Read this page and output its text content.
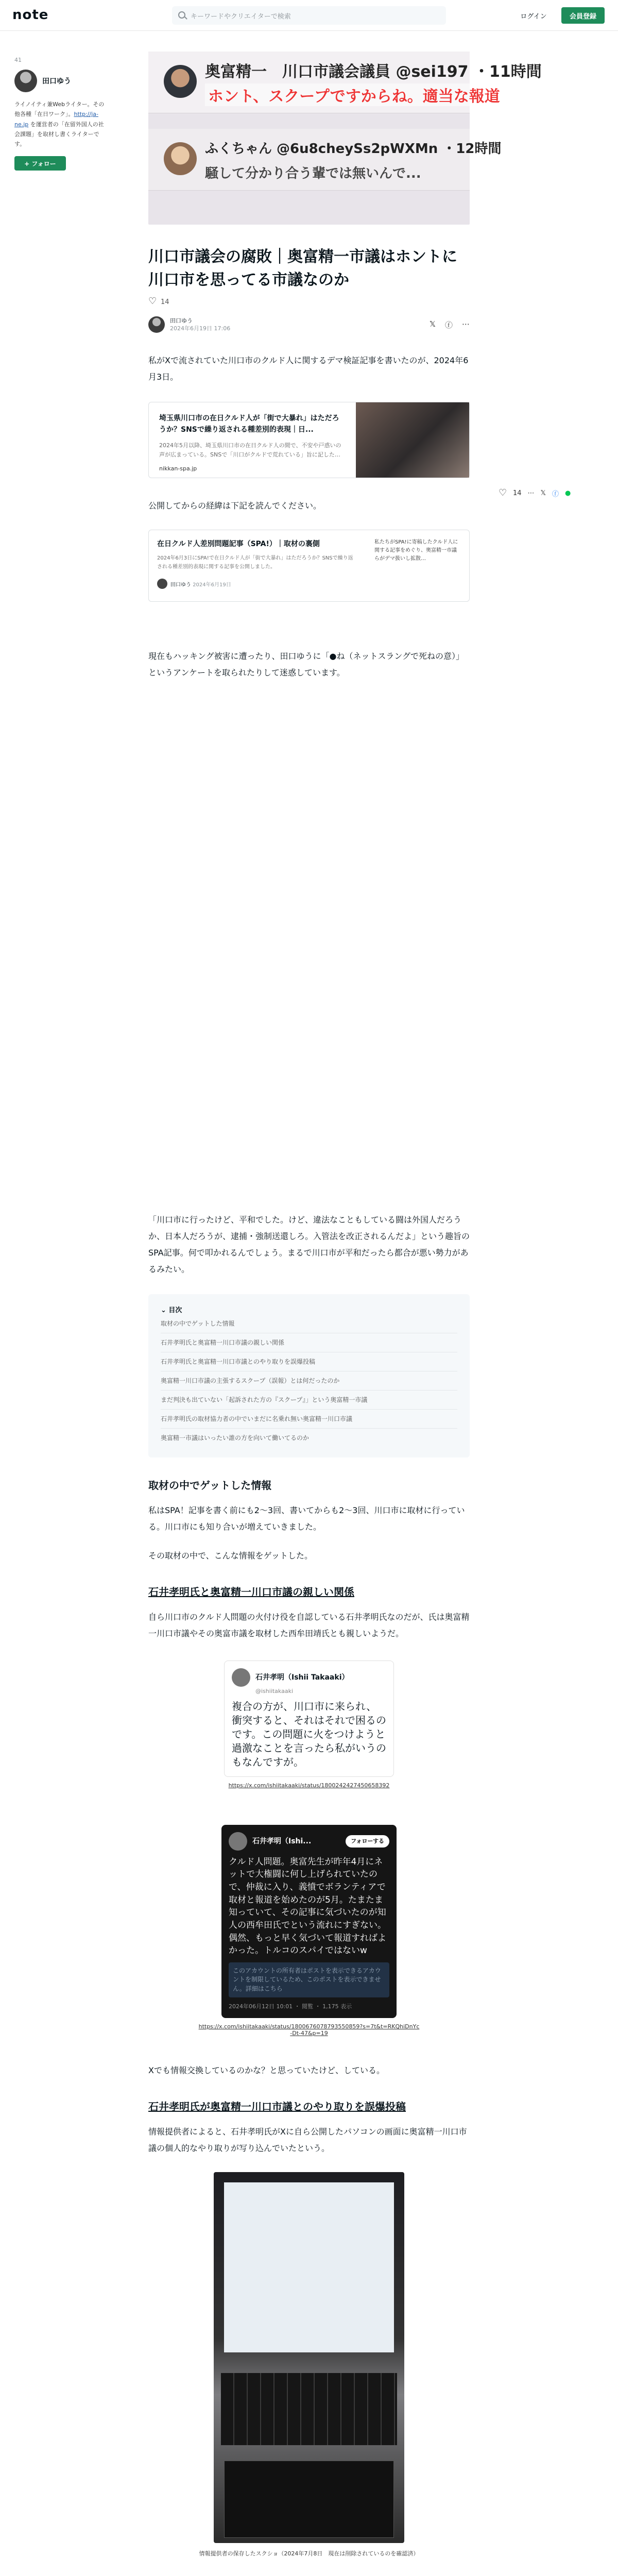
note	キーワードやクリエイターで検索	ログイン	会員登録
41
田口ゆう
ライノイティ兼Webライター。その他各種「在日ワーク」。http://ja-ne.jp を運営者の「在留外国人の社会課題」を取材し書くライターです。
+ フォロー
奥富精一　川口市議会議員 @sei197 ・11時間
ホント、スクープですからね。適当な報道
ふくちゃん @6u8cheySs2pWXMn ・12時間
騒して分かり合う輩では無いんで...
川口市議会の腐敗｜奥富精一市議はホントに川口市を思ってる市議なのか
♡
14
田口ゆう
2024年6月19日 17:06	𝕏 ⓕ ⋯

私がXで流されていた川口市のクルド人に関するデマ検証記事を書いたのが、2024年6月3日。

埼玉県川口市の在日クルド人が「街で大暴れ」はただろうか？SNSで繰り返される種差別的表現｜日...
2024年5月以降、埼玉県川口市の在日クルド人の間で、不安や戸惑いの声が広まっている。SNSで「川口がクルドで荒れている」旨に記した…
nikkan-spa.jp

公開してからの経緯は下記を読んでください。

在日クルド人差別問題記事（SPA!）｜取材の裏側
2024年6月3日にSPA!で在日クルド人が「街で大暴れ」はただろうか？SNSで繰り返される種差別的表現に関する記事を公開しました。
田口ゆう
2024年6月19日
私たちがSPA!に寄稿したクルド人に関する記事をめぐり、奥富精一市議らがデマ扱いし拡散…

現在もハッキング被害に遭ったり、田口ゆうに「●ね（ネットスラングで死ねの意）」というアンケートを取られたりして迷惑しています。

「川口市に行ったけど、平和でした。けど、違法なこともしている闘は外国人だろうか、日本人だろうが、逮捕・強制送還しろ。入管法を改正されるんだよ」という趣旨のSPA記事。何で叩かれるんでしょう。まるで川口市が平和だったら都合が悪い勢力があるみたい。

⌄ 目次
取材の中でゲットした情報
石井孝明氏と奥富精一川口市議の親しい関係
石井孝明氏と奥富精一川口市議とのやり取りを誤爆投稿
奥富精一川口市議の主張するスクープ（誤報）とは何だったのか
まだ判決も出ていない「起訴された方の『スクープ』」という奥富精一市議
石井孝明氏の取材協力者の中でいまだに名乗れ無い奥富精一川口市議
奥富精一市議はいったい誰の方を向いて働いてるのか
取材の中でゲットした情報

私はSPA！記事を書く前にも2〜3回、書いてからも2〜3回、川口市に取材に行っている。川口市にも知り合いが増えていきました。

その取材の中で、こんな情報をゲットした。

石井孝明氏と奥富精一川口市議の親しい関係

自ら川口市のクルド人問題の火付け役を自認している石井孝明氏なのだが、氏は奥富精一川口市議やその奥富市議を取材した西牟田靖氏とも親しいようだ。

石井孝明（Ishii Takaaki）
@ishiitakaaki
複合の方が、川口市に来られ、衝突すると、それはそれで困るのです。この問題に火をつけようと過激なことを言ったら私がいうのもなんですが。
https://x.com/ishiitakaaki/status/1800242427450658392
石井孝明（Ishi...	フォローする
クルド人問題。奥富先生が昨年4月にネットで大権闘に何し上げられていたので、仲裁に入り、義憤でボランティアで取材と報道を始めたのが5月。たまたま知っていて、その記事に気づいたのが知人の西牟田氏でという流れにすぎない。偶然、もっと早く気づいて報道すればよかった。トルコのスパイではないw
このアカウントの所有者はポストを表示できるアカウントを制限しているため、このポストを表示できません。詳細はこちら
2024年06月12日 10:01 ・ 閲覧 ・ 1,175 表示
https://x.com/ishiitakaaki/status/1800676078793550859?s=7t&t=RKQhiDnYc-Dt-47&p=19

Xでも情報交換しているのかな？と思っていたけど、している。

石井孝明氏が奥富精一川口市議とのやり取りを誤爆投稿

情報提供者によると、石井孝明氏がXに自ら公開したパソコンの画面に奥富精一川口市議の個人的なやり取りが写り込んでいたという。

情報提供者の保存したスクショ（2024年7月8日　現在は削除されているのを確認済）
♡
14 ⋯ 𝕏 ⓕ ●
